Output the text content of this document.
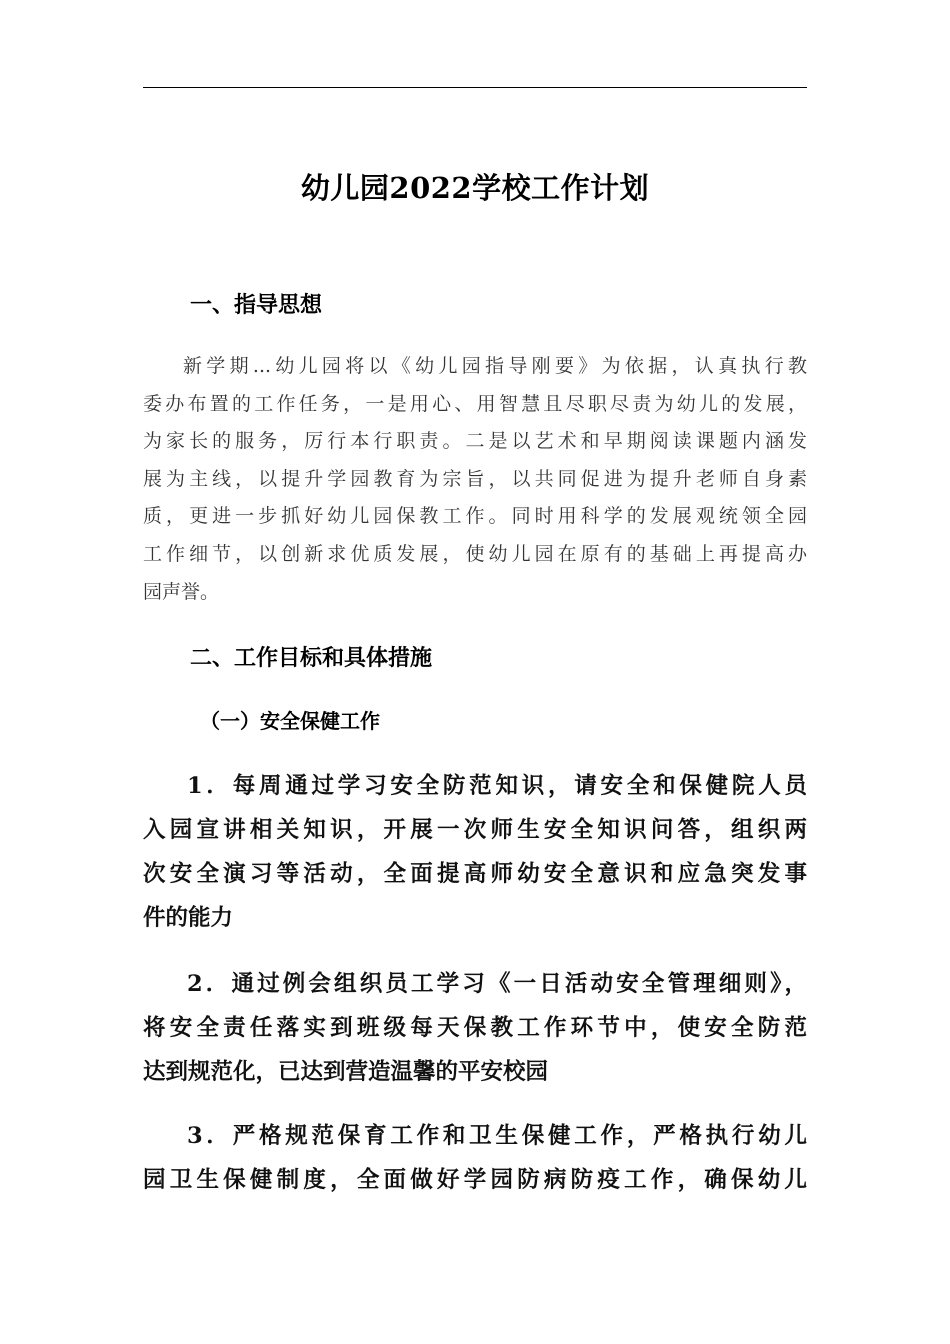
幼儿园2022学校工作计划
一、指导思想
新学期...幼儿园将以《幼儿园指导刚要》为依据，认真执行教
委办布置的工作任务，一是用心、用智慧且尽职尽责为幼儿的发展，
为家长的服务，厉行本行职责。二是以艺术和早期阅读课题内涵发
展为主线，以提升学园教育为宗旨，以共同促进为提升老师自身素
质，更进一步抓好幼儿园保教工作。同时用科学的发展观统领全园
工作细节，以创新求优质发展，使幼儿园在原有的基础上再提高办
园声誉。
二、工作目标和具体措施
（一）安全保健工作
1．每周通过学习安全防范知识，请安全和保健院人员
入园宣讲相关知识，开展一次师生安全知识问答，组织两
次安全演习等活动，全面提高师幼安全意识和应急突发事
件的能力
2．通过例会组织员工学习《一日活动安全管理细则》，
将安全责任落实到班级每天保教工作环节中，使安全防范
达到规范化，已达到营造温馨的平安校园
3．严格规范保育工作和卫生保健工作，严格执行幼儿
园卫生保健制度，全面做好学园防病防疫工作，确保幼儿
